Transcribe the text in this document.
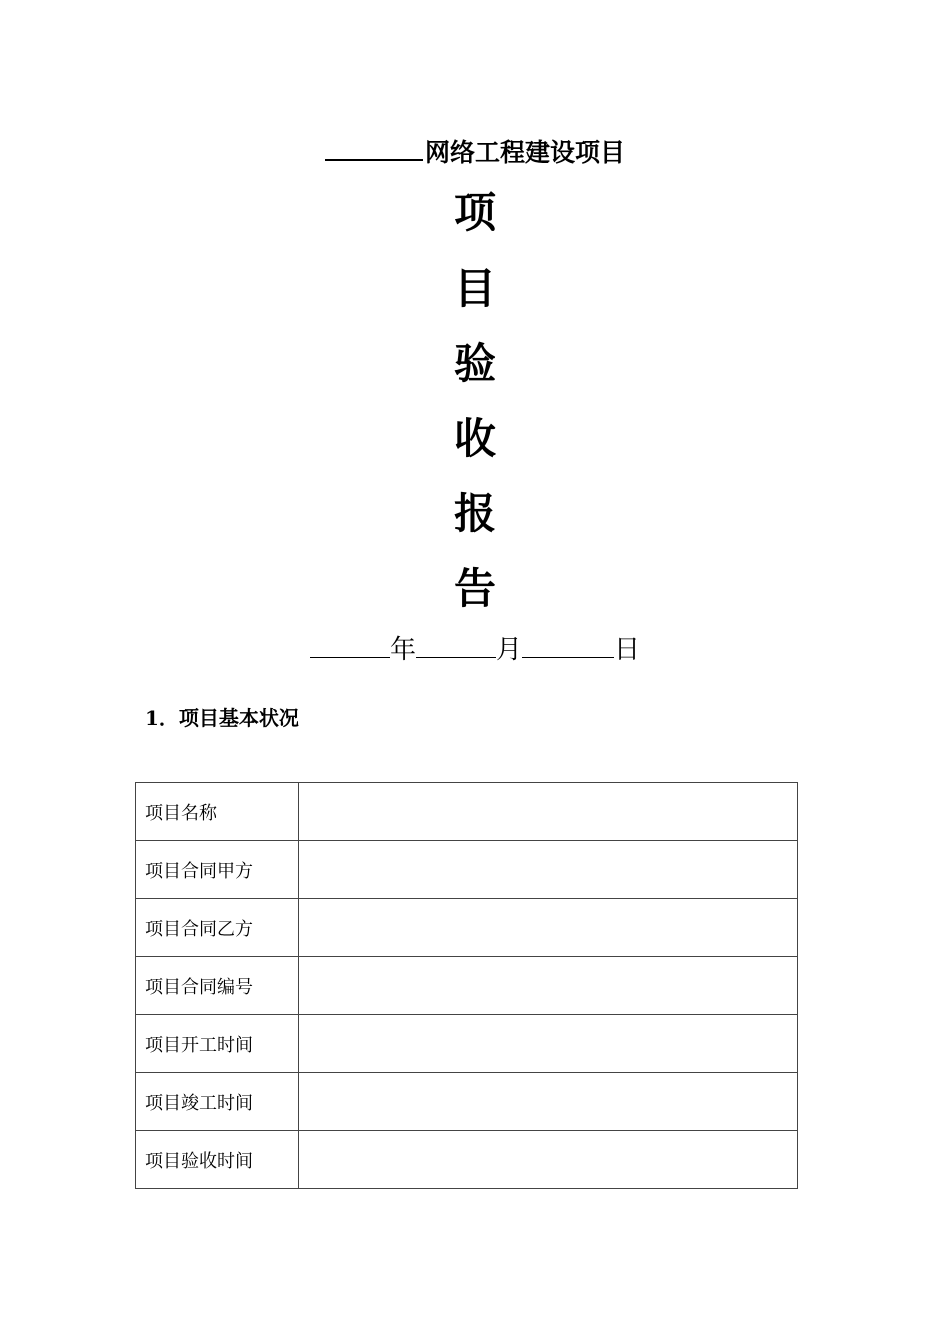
网络工程建设项目
项
目
验
收
报
告
年	月	日
1．项目基本状况
项目名称	
项目合同甲方	
项目合同乙方	
项目合同编号	
项目开工时间	
项目竣工时间	
项目验收时间	
